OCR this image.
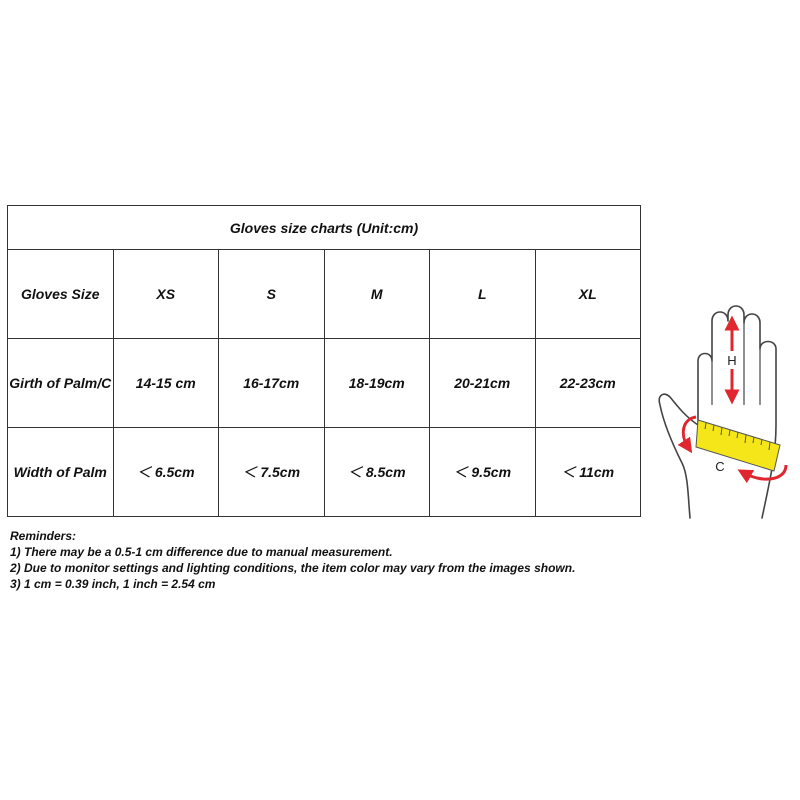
Gloves size charts (Unit:cm)					
Gloves Size	XS	S	M	L	XL
Girth of Palm/C	14-15 cm	16-17cm	18-19cm	20-21cm	22-23cm
Width of Palm	＜ 6.5cm	＜ 7.5cm	＜ 8.5cm	＜ 9.5cm	＜ 11cm
Reminders:
1) There may be a 0.5-1 cm difference due to manual measurement.
2) Due to monitor settings and lighting conditions, the item color may vary from the images shown.
3) 1 cm = 0.39 inch, 1 inch = 2.54 cm
H
C
